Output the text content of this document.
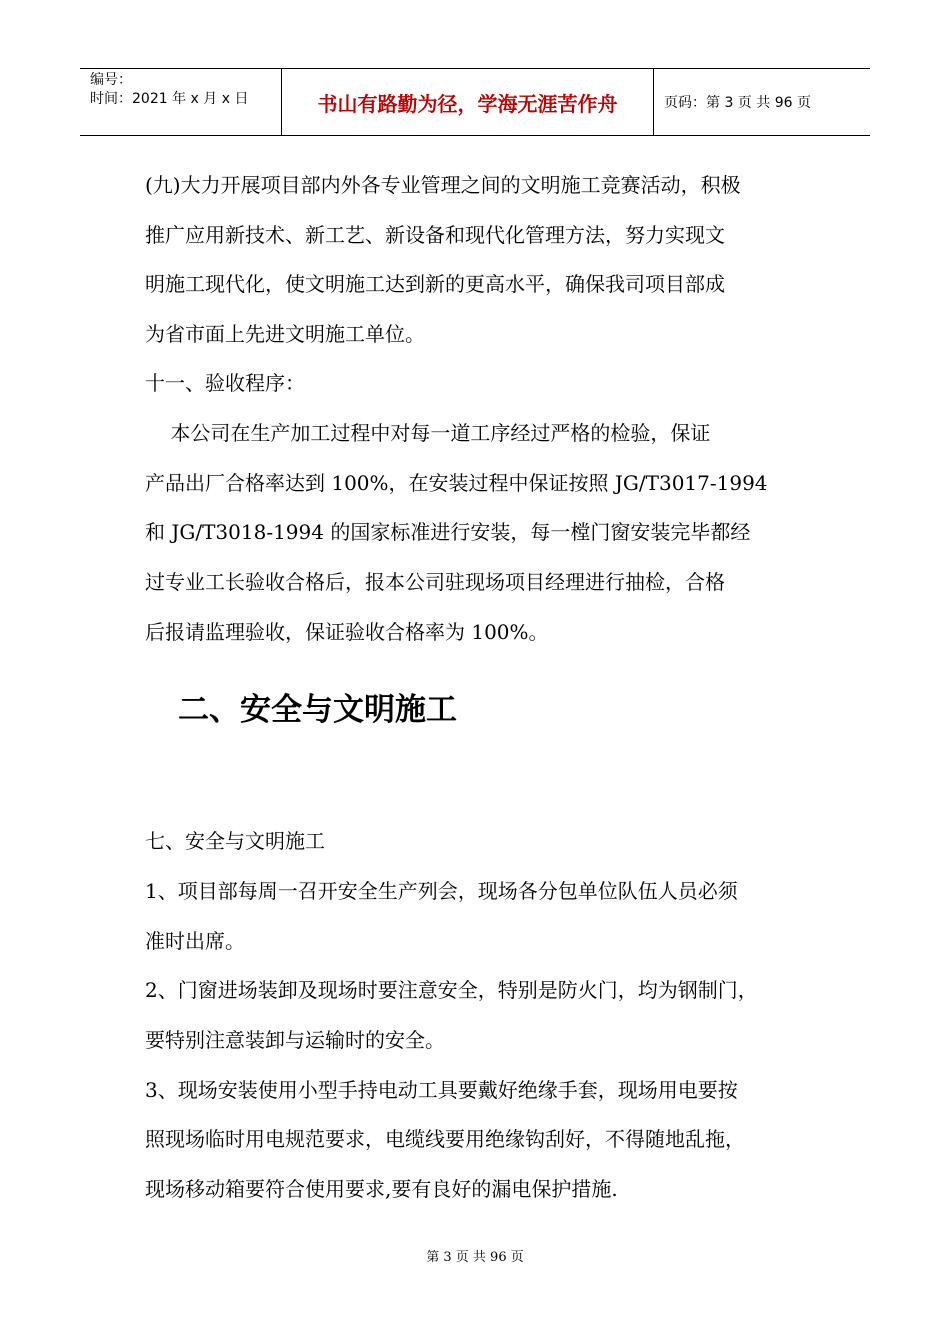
编号：
时间：2021 年 x 月 x 日	书山有路勤为径，学海无涯苦作舟	页码：第 3 页 共 96 页
(九)大力开展项目部内外各专业管理之间的文明施工竞赛活动，积极
推广应用新技术、新工艺、新设备和现代化管理方法，努力实现文
明施工现代化，使文明施工达到新的更高水平，确保我司项目部成
为省市面上先进文明施工单位。
十一、验收程序：
本公司在生产加工过程中对每一道工序经过严格的检验，保证
产品出厂合格率达到 100%，在安装过程中保证按照 JG/T3017-1994
和 JG/T3018-1994 的国家标准进行安装，每一樘门窗安装完毕都经
过专业工长验收合格后，报本公司驻现场项目经理进行抽检，合格
后报请监理验收，保证验收合格率为 100%。
二、安全与文明施工
七、安全与文明施工
1、项目部每周一召开安全生产列会，现场各分包单位队伍人员必须
准时出席。
2、门窗进场装卸及现场时要注意安全，特别是防火门，均为钢制门，
要特别注意装卸与运输时的安全。
3、现场安装使用小型手持电动工具要戴好绝缘手套，现场用电要按
照现场临时用电规范要求，电缆线要用绝缘钩刮好，不得随地乱拖，
现场移动箱要符合使用要求,要有良好的漏电保护措施.
第 3 页 共 96 页
